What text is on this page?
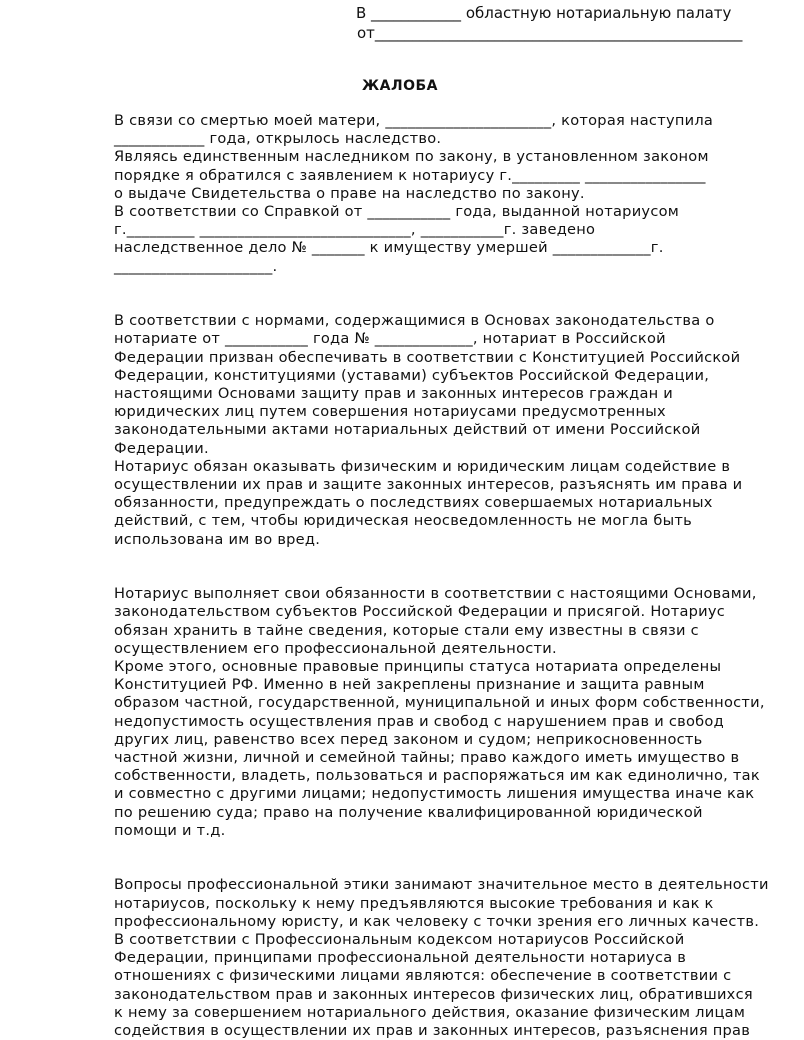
В ____________ областную нотариальную палату
от_________________________________________________
ЖАЛОБА
В связи со смертью моей матери, ______________________, которая наступила
____________ года, открылось наследство.
Являясь единственным наследником по закону, в установленном законом
порядке я обратился с заявлением к нотариусу г._________ ________________
о выдаче Свидетельства о праве на наследство по закону.
В соответствии со Справкой от ___________ года, выданной нотариусом
г._________ ____________________________, ___________г. заведено
наследственное дело № _______ к имуществу умершей _____________г.
_____________________.
В соответствии с нормами, содержащимися в Основах законодательства о
нотариате от ___________ года № _____________, нотариат в Российской
Федерации призван обеспечивать в соответствии с Конституцией Российской
Федерации, конституциями (уставами) субъектов Российской Федерации,
настоящими Основами защиту прав и законных интересов граждан и
юридических лиц путем совершения нотариусами предусмотренных
законодательными актами нотариальных действий от имени Российской
Федерации.
Нотариус обязан оказывать физическим и юридическим лицам содействие в
осуществлении их прав и защите законных интересов, разъяснять им права и
обязанности, предупреждать о последствиях совершаемых нотариальных
действий, с тем, чтобы юридическая неосведомленность не могла быть
использована им во вред.
Нотариус выполняет свои обязанности в соответствии с настоящими Основами,
законодательством субъектов Российской Федерации и присягой. Нотариус
обязан хранить в тайне сведения, которые стали ему известны в связи с
осуществлением его профессиональной деятельности.
Кроме этого, основные правовые принципы статуса нотариата определены
Конституцией РФ. Именно в ней закреплены признание и защита равным
образом частной, государственной, муниципальной и иных форм собственности,
недопустимость осуществления прав и свобод с нарушением прав и свобод
других лиц, равенство всех перед законом и судом; неприкосновенность
частной жизни, личной и семейной тайны; право каждого иметь имущество в
собственности, владеть, пользоваться и распоряжаться им как единолично, так
и совместно с другими лицами; недопустимость лишения имущества иначе как
по решению суда; право на получение квалифицированной юридической
помощи и т.д.
Вопросы профессиональной этики занимают значительное место в деятельности
нотариусов, поскольку к нему предъявляются высокие требования и как к
профессиональному юристу, и как человеку с точки зрения его личных качеств.
В соответствии с Профессиональным кодексом нотариусов Российской
Федерации, принципами профессиональной деятельности нотариуса в
отношениях с физическими лицами являются: обеспечение в соответствии с
законодательством прав и законных интересов физических лиц, обратившихся
к нему за совершением нотариального действия, оказание физическим лицам
содействия в осуществлении их прав и законных интересов, разъяснения прав
